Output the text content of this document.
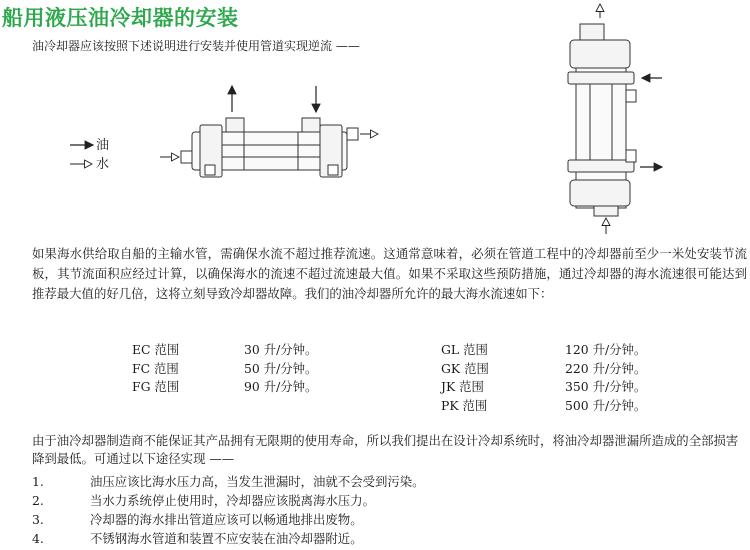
船用液压油冷却器的安装
油冷却器应该按照下述说明进行安装并使用管道实现逆流 ——
油
水

如果海水供给取自船的主输水管，需确保水流不超过推荐流速。这通常意味着，必须在管道工程中的冷却器前至少一米处安装节流板，其节流面积应经过计算，以确保海水的流速不超过流速最大值。如果不采取这些预防措施，通过冷却器的海水流速很可能达到推荐最大值的好几倍，这将立刻导致冷却器故障。我们的油冷却器所允许的最大海水流速如下：

EC 范围	30 升/分钟。
FC 范围	50 升/分钟。
FG 范围	90 升/分钟。
GL 范围	120 升/分钟。
GK 范围	220 升/分钟。
JK 范围	350 升/分钟。
PK 范围	500 升/分钟。

由于油冷却器制造商不能保证其产品拥有无限期的使用寿命，所以我们提出在设计冷却系统时，将油冷却器泄漏所造成的全部损害降到最低。可通过以下途径实现 ——

1.	油压应该比海水压力高，当发生泄漏时，油就不会受到污染。
2.	当水力系统停止使用时，冷却器应该脱离海水压力。
3.	冷却器的海水排出管道应该可以畅通地排出废物。
4.	不锈钢海水管道和装置不应安装在油冷却器附近。
